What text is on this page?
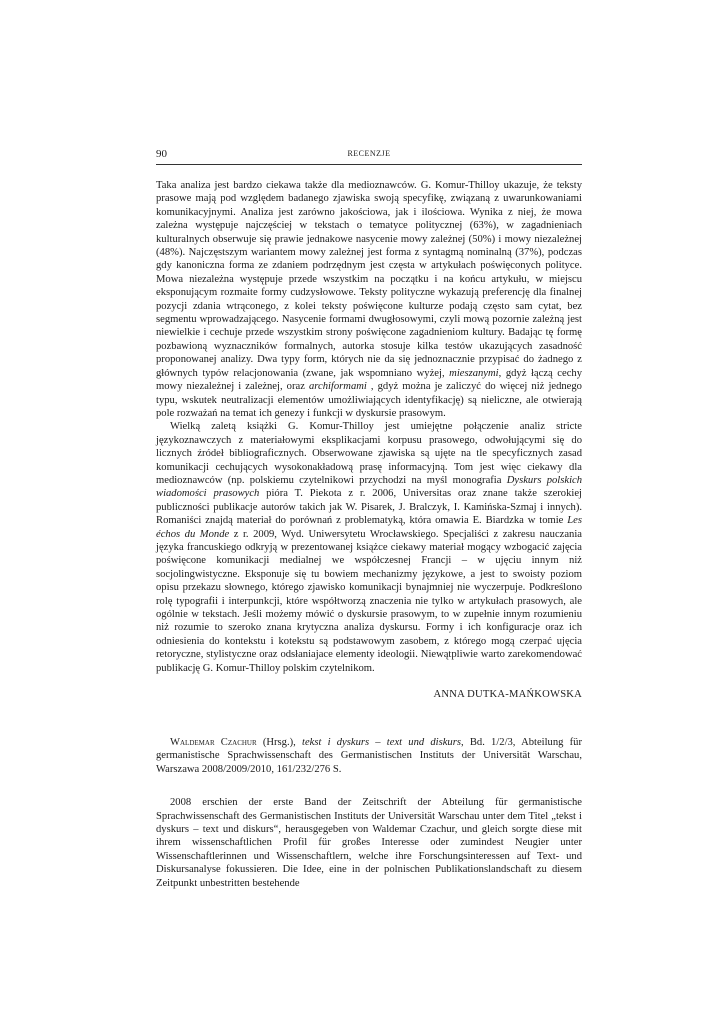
90	RECENZJE

Taka analiza jest bardzo ciekawa także dla medioznawców. G. Komur-Thilloy ukazuje, że teksty prasowe mają pod względem badanego zjawiska swoją specyfikę, związaną z uwarunkowaniami komunikacyjnymi. Analiza jest zarówno jakościowa, jak i ilościowa. Wynika z niej, że mowa zależna występuje najczęściej w tekstach o tematyce politycznej (63%), w zagadnieniach kulturalnych obserwuje się prawie jednakowe nasycenie mowy zależnej (50%) i mowy niezależnej (48%). Najczęstszym wariantem mowy zależnej jest forma z syntagmą nominalną (37%), podczas gdy kanoniczna forma ze zdaniem podrzędnym jest częsta w artykułach poświęconych polityce. Mowa niezależna występuje przede wszystkim na początku i na końcu artykułu, w miejscu eksponującym rozmaite formy cudzysłowowe. Teksty polityczne wykazują preferencję dla finalnej pozycji zdania wtrąconego, z kolei teksty poświęcone kulturze podają często sam cytat, bez segmentu wprowadzającego. Nasycenie formami dwugłosowymi, czyli mową pozornie zależną jest niewielkie i cechuje przede wszystkim strony poświęcone zagadnieniom kultury. Badając tę formę pozbawioną wyznaczników formalnych, autorka stosuje kilka testów ukazujących zasadność proponowanej analizy. Dwa typy form, których nie da się jednoznacznie przypisać do żadnego z głównych typów relacjonowania (zwane, jak wspomniano wyżej, mieszanymi, gdyż łączą cechy mowy niezależnej i zależnej, oraz archiformami , gdyż można je zaliczyć do więcej niż jednego typu, wskutek neutralizacji elementów umożliwiających identyfikację) są nieliczne, ale otwierają pole rozważań na temat ich genezy i funkcji w dyskursie prasowym.

Wielką zaletą książki G. Komur-Thilloy jest umiejętne połączenie analiz stricte językoznawczych z materiałowymi eksplikacjami korpusu prasowego, odwołującymi się do licznych źródeł bibliograficznych. Obserwowane zjawiska są ujęte na tle specyficznych zasad komunikacji cechujących wysokonakładową prasę informacyjną. Tom jest więc ciekawy dla medioznawców (np. polskiemu czytelnikowi przychodzi na myśl monografia Dyskurs polskich wiadomości prasowych pióra T. Piekota z r. 2006, Universitas oraz znane także szerokiej publiczności publikacje autorów takich jak W. Pisarek, J. Bralczyk, I. Kamińska-Szmaj i innych). Romaniści znajdą materiał do porównań z problematyką, która omawia E. Biardzka w tomie Les échos du Monde z r. 2009, Wyd. Uniwersytetu Wrocławskiego. Specjaliści z zakresu nauczania języka francuskiego odkryją w prezentowanej książce ciekawy materiał mogący wzbogacić zajęcia poświęcone komunikacji medialnej we współczesnej Francji – w ujęciu innym niż socjolingwistyczne. Eksponuje się tu bowiem mechanizmy językowe, a jest to swoisty poziom opisu przekazu słownego, którego zjawisko komunikacji bynajmniej nie wyczerpuje. Podkreślono rolę typografii i interpunkcji, które współtworzą znaczenia nie tylko w artykułach prasowych, ale ogólnie w tekstach. Jeśli możemy mówić o dyskursie prasowym, to w zupełnie innym rozumieniu niż rozumie to szeroko znana krytyczna analiza dyskursu. Formy i ich konfiguracje oraz ich odniesienia do kontekstu i kotekstu są podstawowym zasobem, z którego mogą czerpać ujęcia retoryczne, stylistyczne oraz odsłaniajace elementy ideologii. Niewątpliwie warto zarekomendować publikację G. Komur-Thilloy polskim czytelnikom.

ANNA DUTKA-MAŃKOWSKA
Waldemar Czachur (Hrsg.), tekst i dyskurs – text und diskurs, Bd. 1/2/3, Abteilung für germanistische Sprachwissenschaft des Germanistischen Instituts der Universität Warschau, Warszawa 2008/2009/2010, 161/232/276 S.
2008 erschien der erste Band der Zeitschrift der Abteilung für germanistische Sprachwissenschaft des Germanistischen Instituts der Universität Warschau unter dem Titel „tekst i dyskurs – text und diskurs“, herausgegeben von Waldemar Czachur, und gleich sorgte diese mit ihrem wissenschaftlichen Profil für großes Interesse oder zumindest Neugier unter Wissenschaftlerinnen und Wissenschaftlern, welche ihre Forschungsinteressen auf Text- und Diskursanalyse fokussieren. Die Idee, eine in der polnischen Publikationslandschaft zu diesem Zeitpunkt unbestritten bestehende
